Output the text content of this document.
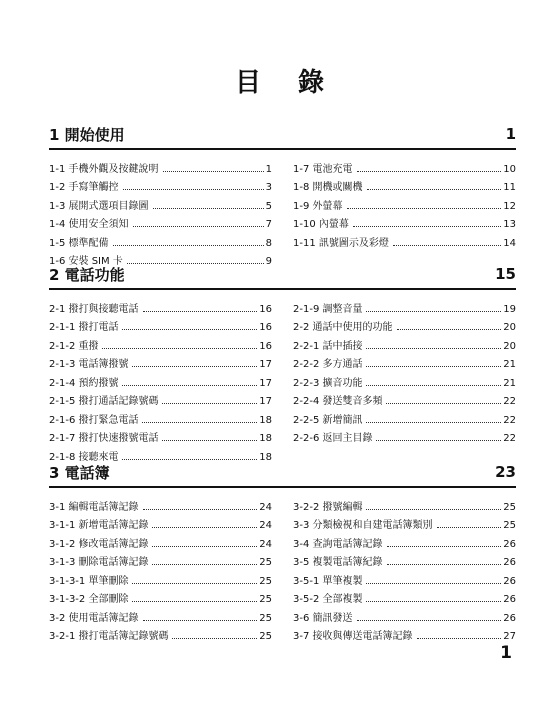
目 錄
1 開始使用	1
1-1 手機外觀及按鍵說明	1
1-2 手寫筆觸控	3
1-3 展開式選項目錄圖	5
1-4 使用安全須知	7
1-5 標準配備	8
1-6 安裝 SIM 卡	9
1-7 電池充電	10
1-8 開機或關機	11
1-9 外螢幕	12
1-10 內螢幕	13
1-11 訊號圖示及彩燈	14
2 電話功能	15
2-1 撥打與接聽電話	16
2-1-1 撥打電話	16
2-1-2 重撥	16
2-1-3 電話簿撥號	17
2-1-4 預約撥號	17
2-1-5 撥打通話記錄號碼	17
2-1-6 撥打緊急電話	18
2-1-7 撥打快速撥號電話	18
2-1-8 接聽來電	18
2-1-9 調整音量	19
2-2 通話中使用的功能	20
2-2-1 話中插接	20
2-2-2 多方通話	21
2-2-3 擴音功能	21
2-2-4 發送雙音多頻	22
2-2-5 新增簡訊	22
2-2-6 返回主目錄	22
3 電話簿	23
3-1 編輯電話簿記錄	24
3-1-1 新增電話簿記錄	24
3-1-2 修改電話簿記錄	24
3-1-3 刪除電話簿記錄	25
3-1-3-1 單筆刪除	25
3-1-3-2 全部刪除	25
3-2 使用電話簿記錄	25
3-2-1 撥打電話簿記錄號碼	25
3-2-2 撥號編輯	25
3-3 分類檢視和自建電話簿類別	25
3-4 查詢電話簿記錄	26
3-5 複製電話簿紀錄	26
3-5-1 單筆複製	26
3-5-2 全部複製	26
3-6 簡訊發送	26
3-7 接收與傳送電話簿記錄	27
1
